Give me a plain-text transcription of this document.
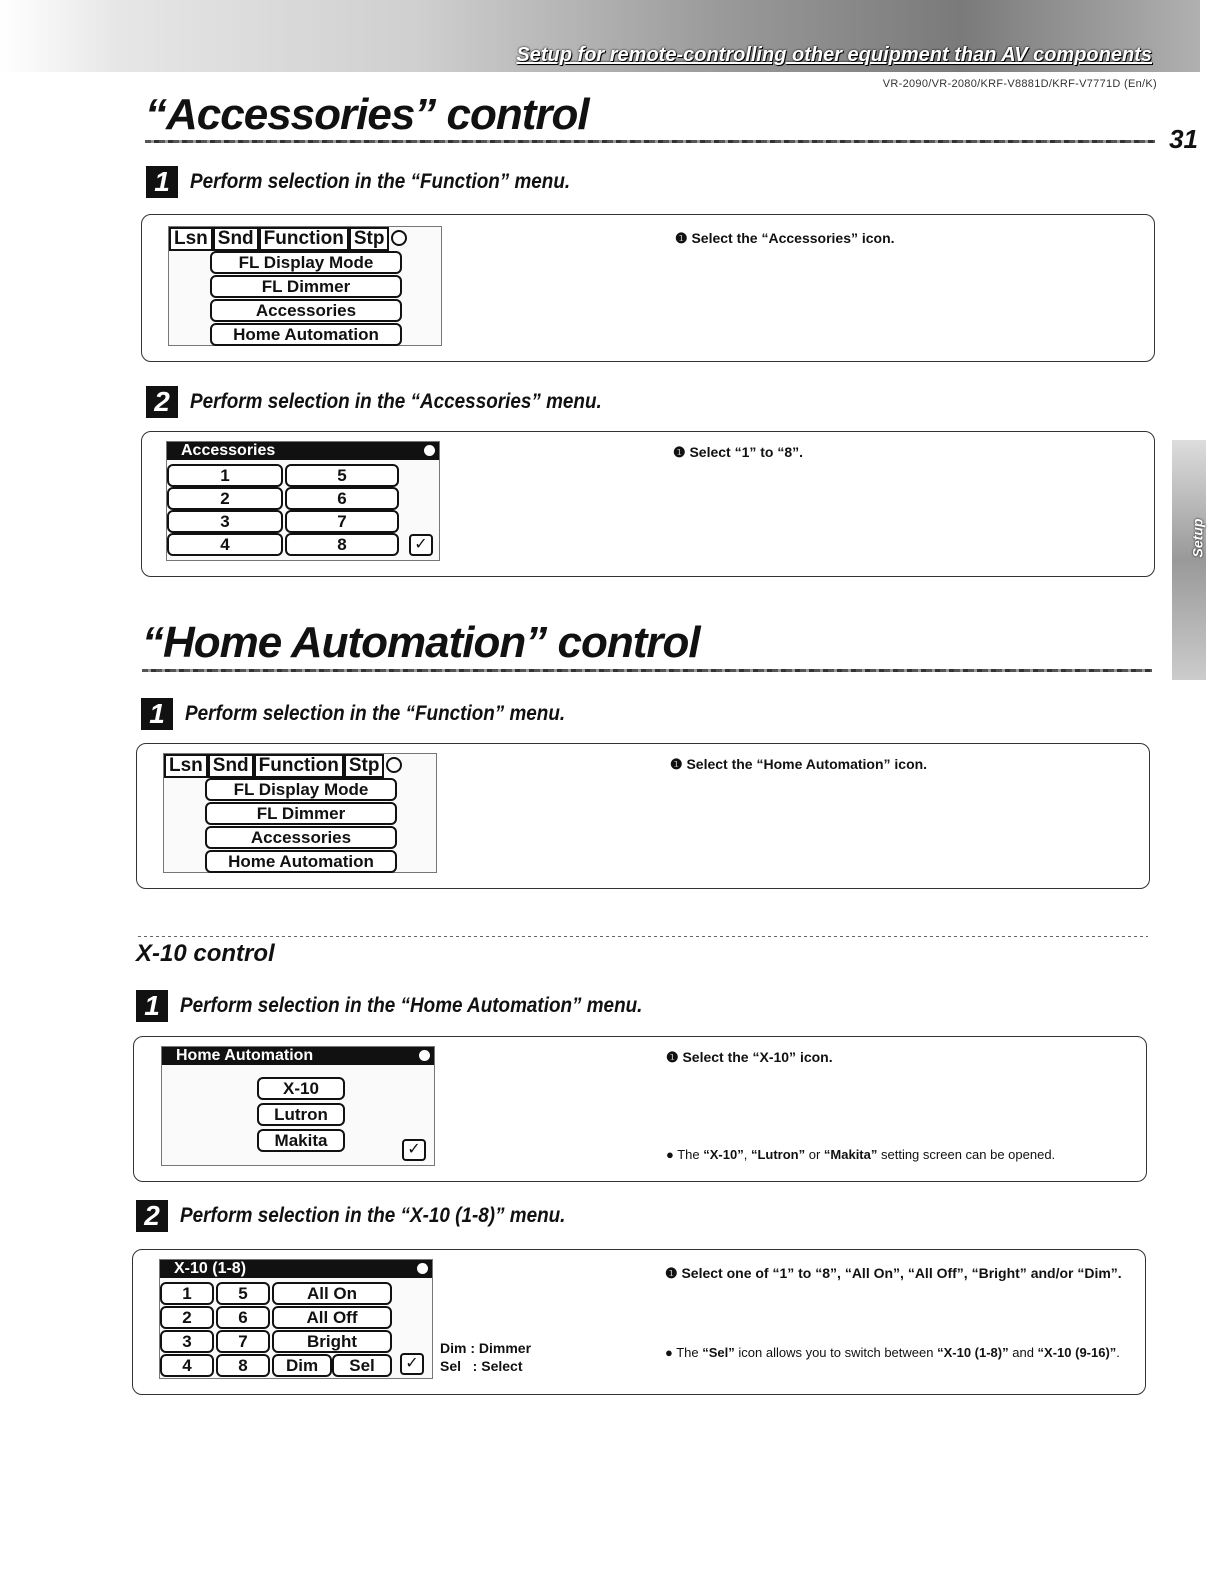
Setup for remote-controlling other equipment than AV components
VR-2090/VR-2080/KRF-V8881D/KRF-V7771D (En/K)
31
Setup
“Accessories” control
1 Perform selection in the “Function” menu.
Lsn Snd Function Stp
FL Display Mode
FL Dimmer
Accessories
Home Automation
❶ Select the “Accessories” icon.
2 Perform selection in the “Accessories” menu.
Accessories
1	5
2	6
3	7
4	8	✓
❶ Select “1” to “8”.
“Home Automation” control
1 Perform selection in the “Function” menu.
Lsn Snd Function Stp
FL Display Mode
FL Dimmer
Accessories
Home Automation
❶ Select the “Home Automation” icon.
X-10 control
1 Perform selection in the “Home Automation” menu.
Home Automation
X-10
Lutron
Makita	✓
❶ Select the “X-10” icon.
● The “X-10”, “Lutron” or “Makita” setting screen can be opened.
2 Perform selection in the “X-10 (1-8)” menu.
X-10 (1-8)
1	5	All On
2	6	All Off
3	7	Bright
4	8	Dim	Sel	✓
Dim : Dimmer
Sel   : Select
❶ Select one of “1” to “8”, “All On”, “All Off”, “Bright” and/or “Dim”.
● The “Sel” icon allows you to switch between “X-10 (1-8)” and “X-10 (9-16)”.
